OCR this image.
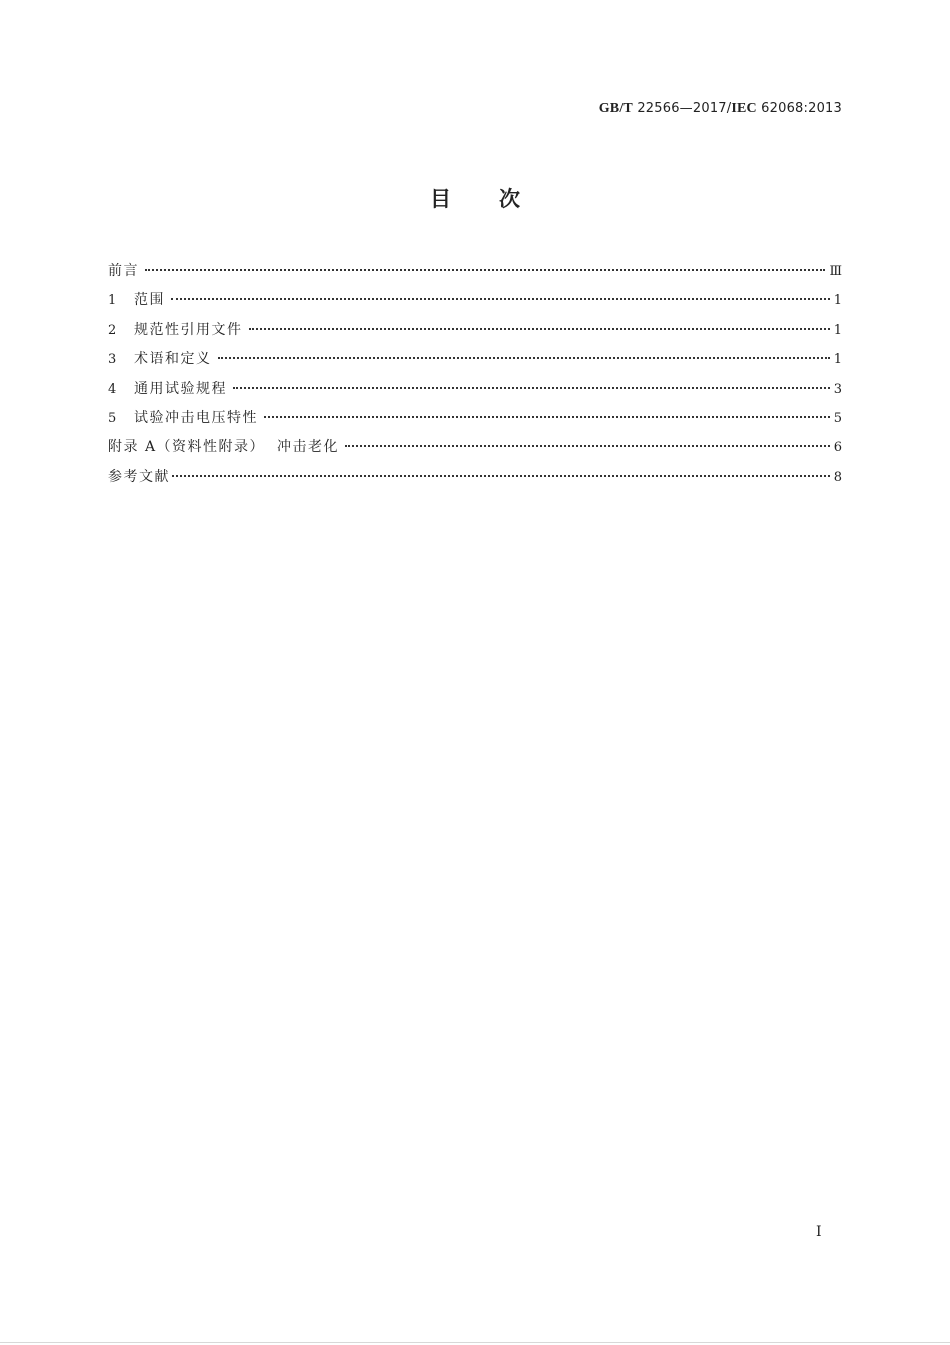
GB/T 22566—2017/IEC 62068:2013
目次
前言	Ⅲ
1	范围	1
2	规范性引用文件	1
3	术语和定义	1
4	通用试验规程	3
5	试验冲击电压特性	5
附录 A（资料性附录）  冲击老化	6
参考文献	8
I
